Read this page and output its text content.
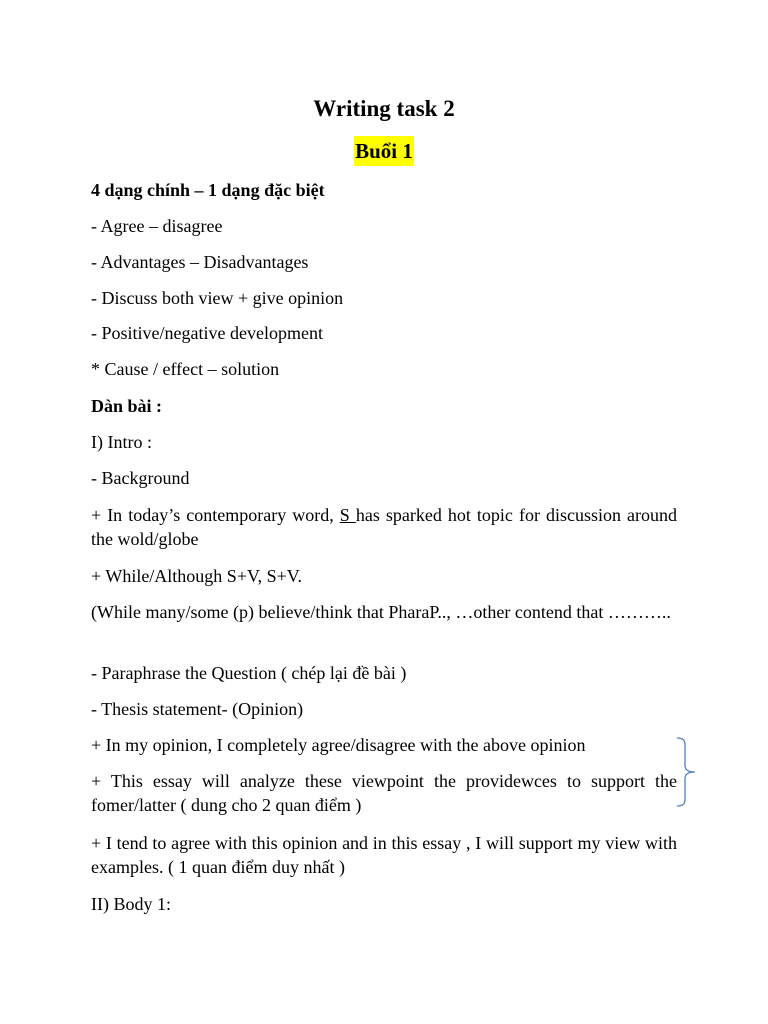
Writing task 2
Buổi 1

4 dạng chính – 1 dạng đặc biệt

- Agree – disagree

- Advantages – Disadvantages

- Discuss both view + give opinion

- Positive/negative development

* Cause / effect – solution

Dàn bài :

I) Intro :

- Background

+ In today’s contemporary word, S has sparked hot topic for discussion around the wold/globe

+ While/Although S+V, S+V.

(While many/some (p) believe/think that PharaP.., …other contend that ………..

- Paraphrase the Question ( chép lại đề bài )

- Thesis statement- (Opinion)

+ In my opinion, I completely agree/disagree with the above opinion

+ This essay will analyze these viewpoint the providewces to support the fomer/latter ( dung cho 2 quan điểm )

+ I tend to agree with this opinion and in this essay , I will support my view with examples. ( 1 quan điểm duy nhất )

II) Body 1:
